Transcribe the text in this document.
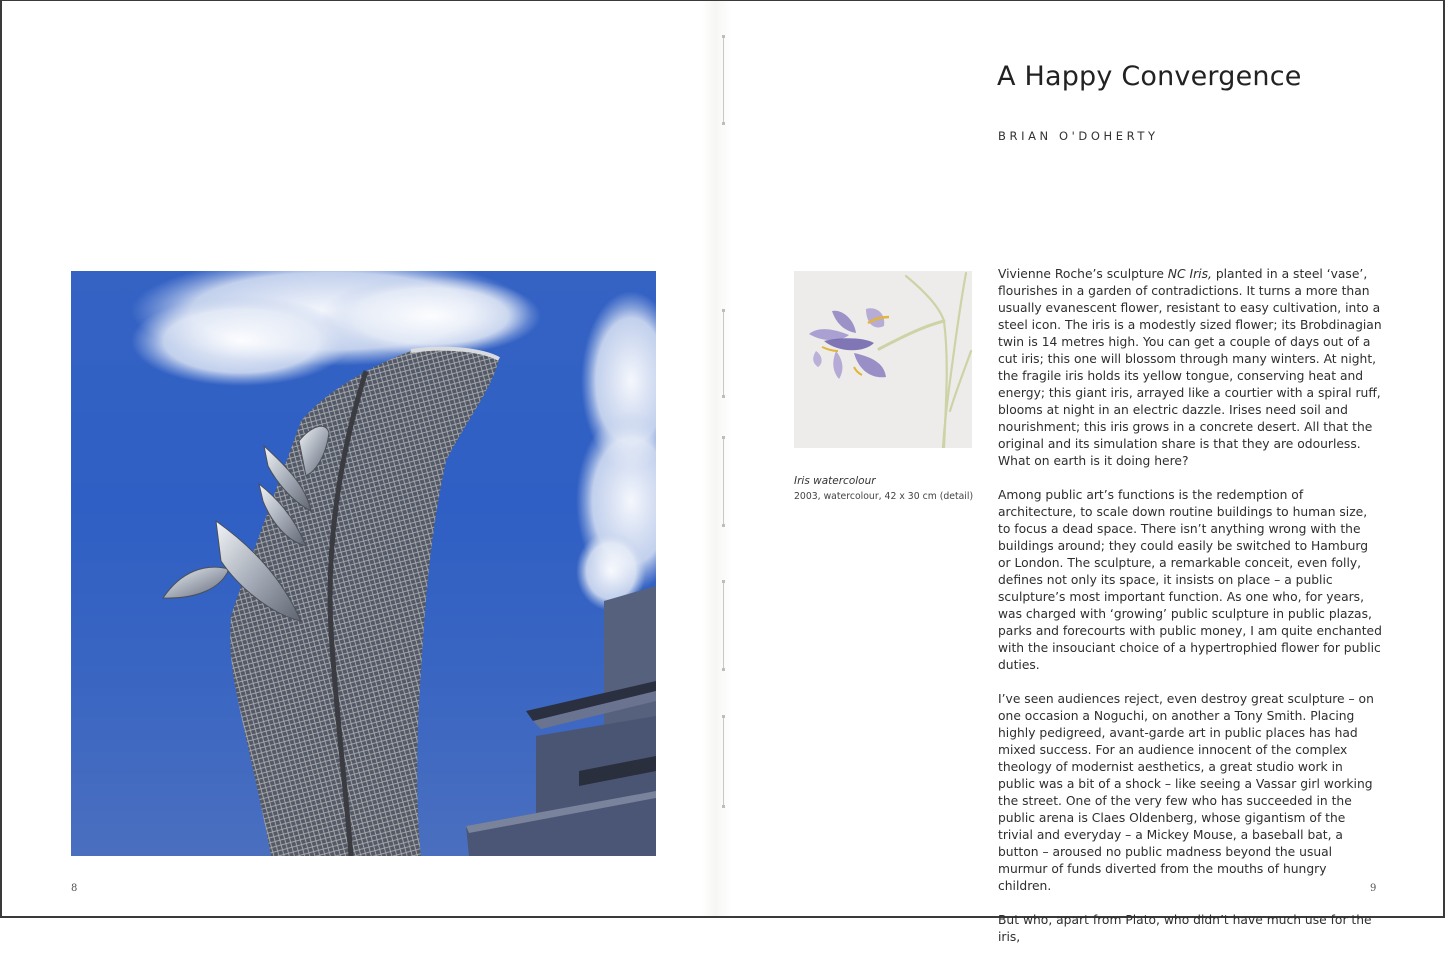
8
A Happy Convergence
BRIAN O'DOHERTY
Iris watercolour
2003, watercolour, 42 x 30 cm (detail)

Vivienne Roche’s sculpture NC Iris, planted in a steel ‘vase’, flourishes in a garden of contradictions. It turns a more than usually evanescent flower, resistant to easy cultivation, into a steel icon. The iris is a modestly sized flower; its Brobdinagian twin is 14 metres high. You can get a couple of days out of a cut iris; this one will blossom through many winters. At night, the fragile iris holds its yellow tongue, conserving heat and energy; this giant iris, arrayed like a courtier with a spiral ruff, blooms at night in an electric dazzle. Irises need soil and nourishment; this iris grows in a concrete desert. All that the original and its simulation share is that they are odourless. What on earth is it doing here?

Among public art’s functions is the redemption of architecture, to scale down routine buildings to human size, to focus a dead space. There isn’t anything wrong with the buildings around; they could easily be switched to Hamburg or London. The sculpture, a remarkable conceit, even folly, defines not only its space, it insists on place – a public sculpture’s most important function. As one who, for years, was charged with ‘growing’ public sculpture in public plazas, parks and forecourts with public money, I am quite enchanted with the insouciant choice of a hypertrophied flower for public duties.

I’ve seen audiences reject, even destroy great sculpture – on one occasion a Noguchi, on another a Tony Smith. Placing highly pedigreed, avant-garde art in public places has had mixed success. For an audience innocent of the complex theology of modernist aesthetics, a great studio work in public was a bit of a shock – like seeing a Vassar girl working the street. One of the very few who has succeeded in the public arena is Claes Oldenberg, whose gigantism of the trivial and everyday – a Mickey Mouse, a baseball bat, a button – aroused no public madness beyond the usual murmur of funds diverted from the mouths of hungry children.

But who, apart from Plato, who didn’t have much use for the iris,

9
